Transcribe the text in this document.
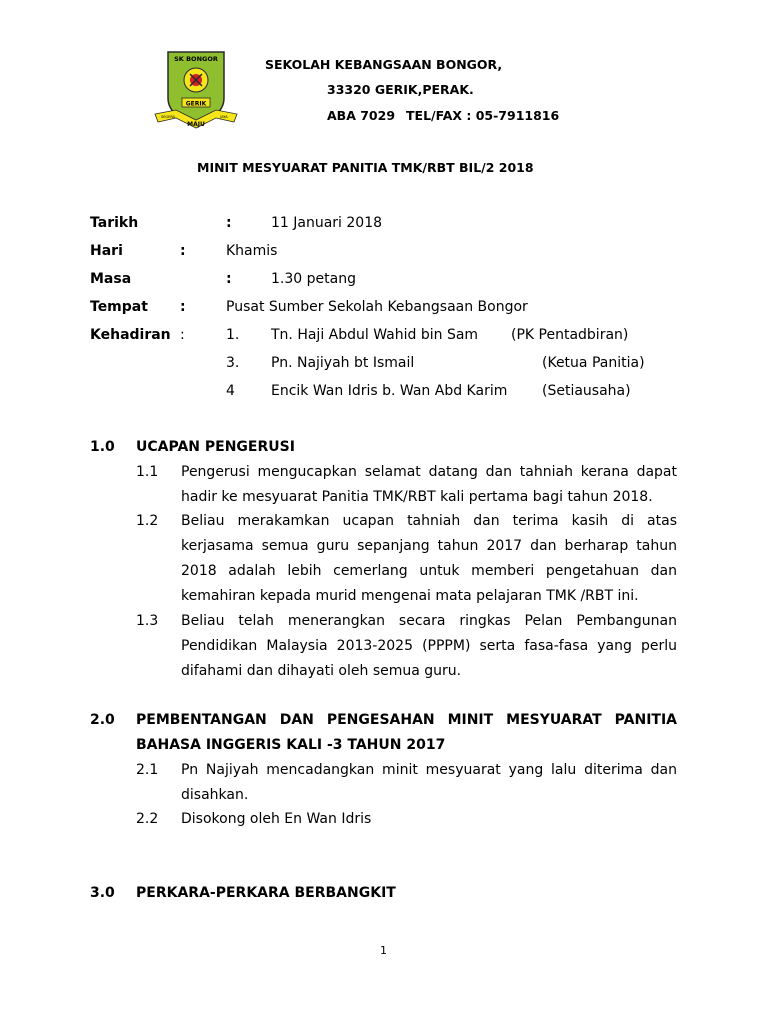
SK BONGOR
GERIK
SEGERA
MAJU
JAYA
SEKOLAH KEBANGSAAN BONGOR,
33320 GERIK,PERAK.
ABA 7029 TEL/FAX : 05-7911816
MINIT MESYUARAT PANITIA TMK/RBT BIL/2 2018
Tarikh	:	11 Januari 2018
Hari	:	Khamis
Masa	:	1.30 petang
Tempat :	Pusat Sumber Sekolah Kebangsaan Bongor
Kehadiran :	1. Tn. Haji Abdul Wahid bin Sam (PK Pentadbiran)
3. Pn. Najiyah bt Ismail	(Ketua Panitia)
4	Encik Wan Idris b. Wan Abd Karim (Setiausaha)
1.0 UCAPAN PENGERUSI
1.1 Pengerusi mengucapkan selamat datang dan tahniah kerana dapat hadir ke mesyuarat Panitia TMK/RBT kali pertama bagi tahun 2018.
1.2 Beliau merakamkan ucapan tahniah dan terima kasih di atas kerjasama semua guru sepanjang tahun 2017 dan berharap tahun 2018 adalah lebih cemerlang untuk memberi pengetahuan dan kemahiran kepada murid mengenai mata pelajaran TMK /RBT ini.
1.3 Beliau telah menerangkan secara ringkas Pelan Pembangunan Pendidikan Malaysia 2013-2025 (PPPM) serta fasa-fasa yang perlu difahami dan dihayati oleh semua guru.
2.0 PEMBENTANGAN DAN PENGESAHAN MINIT MESYUARAT PANITIA BAHASA INGGERIS KALI -3 TAHUN 2017
2.1 Pn Najiyah mencadangkan minit mesyuarat yang lalu diterima dan disahkan.
2.2 Disokong oleh En Wan Idris
3.0 PERKARA-PERKARA BERBANGKIT
1
